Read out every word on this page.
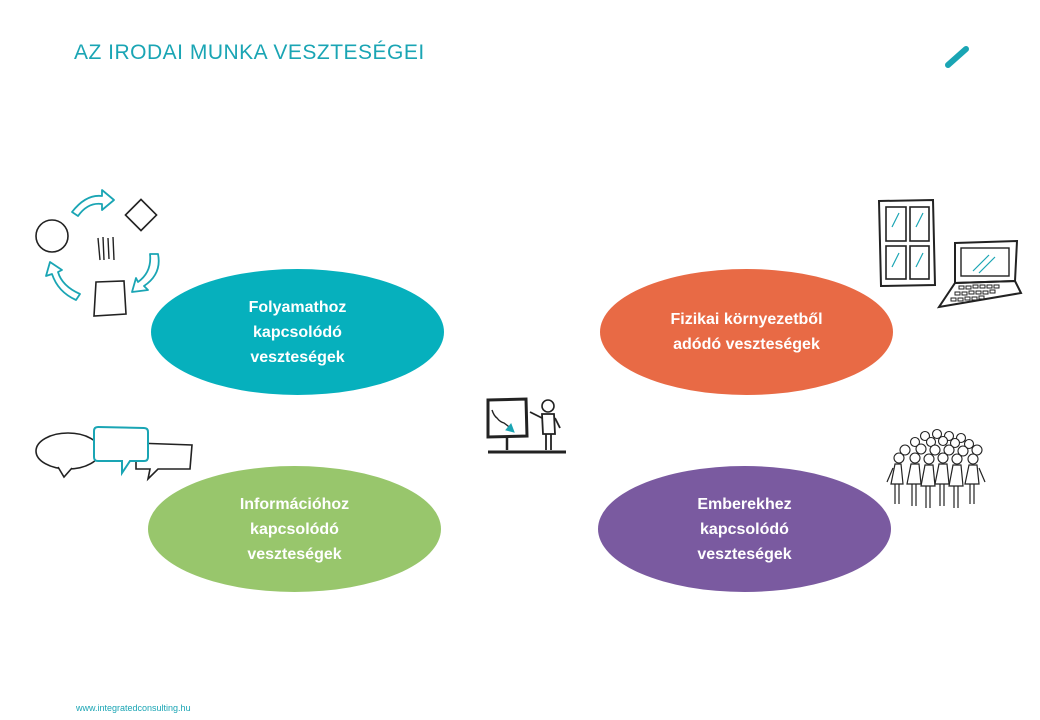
AZ IRODAI MUNKA VESZTESÉGEI
Folyamathoz
kapcsolódó
veszteségek
Fizikai környezetből
adódó veszteségek
Információhoz
kapcsolódó
veszteségek
Emberekhez
kapcsolódó
veszteségek
www.integratedconsulting.hu
